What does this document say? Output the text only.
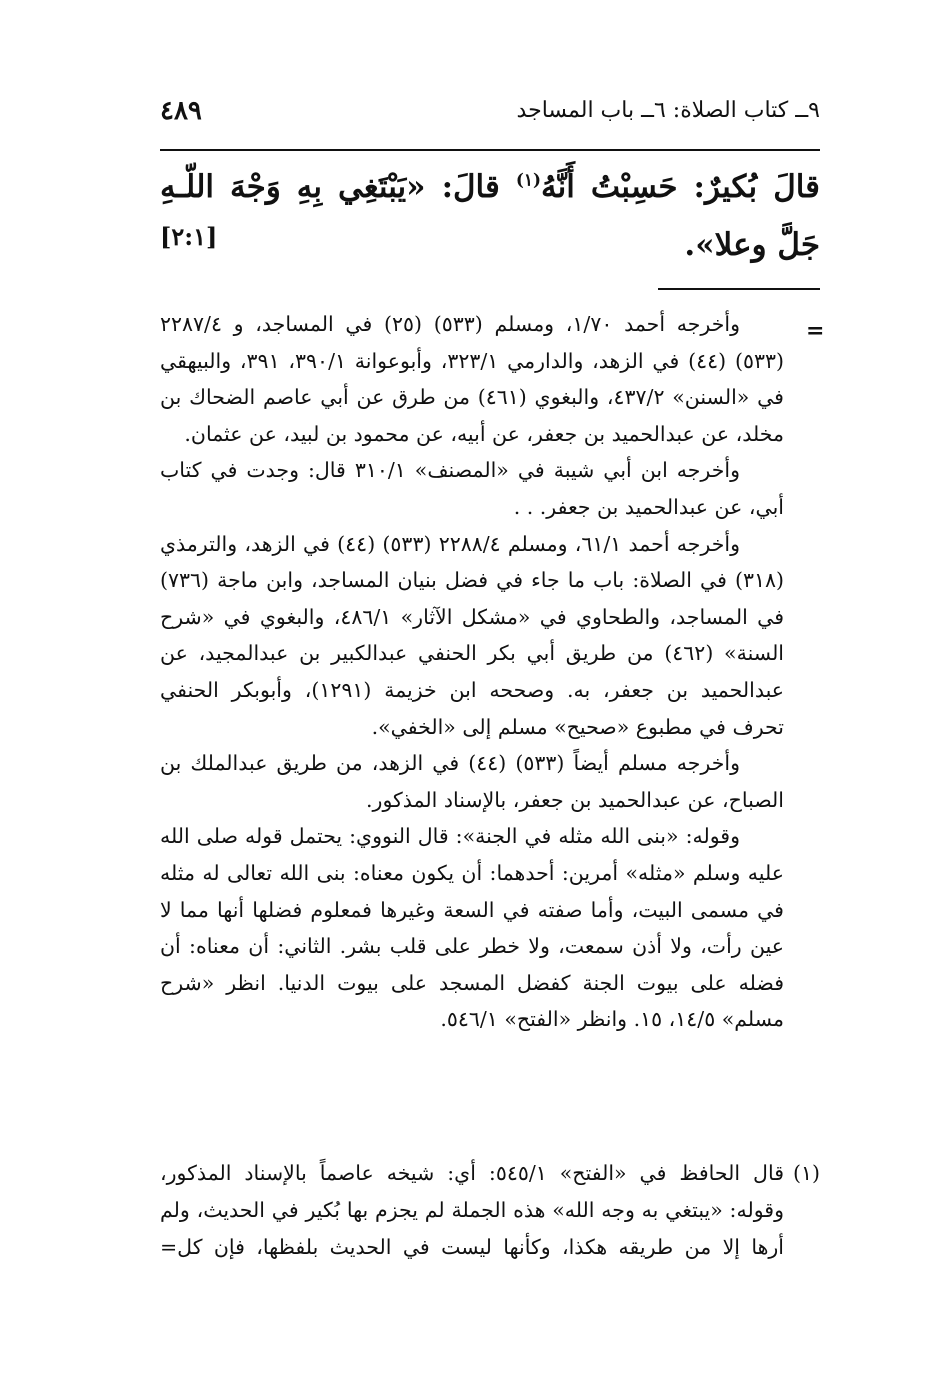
٩ــ كتاب الصلاة: ٦ــ باب المساجد
٤٨٩
قالَ بُكيرٌ: حَسِبْتُ أَنَّهُ$^{(١)}$ قالَ: «يَبْتَغِي بِهِ وَجْهَ اللّـهِ جَلَّ وعلا».
[٢:١]
=

وأخرجه أحمد ١/٧٠، ومسلم (٥٣٣) (٢٥) في المساجد، و ٢٢٨٧/٤ (٥٣٣) (٤٤) في الزهد، والدارمي ٣٢٣/١، وأبوعوانة ٣٩٠/١، ٣٩١، والبيهقي في «السنن» ٤٣٧/٢، والبغوي (٤٦١) من طرق عن أبي عاصم الضحاك بن مخلد، عن عبدالحميد بن جعفر، عن أبيه، عن محمود بن لبيد، عن عثمان.

وأخرجه ابن أبي شيبة في «المصنف» ٣١٠/١ قال: وجدت في كتاب أبي، عن عبدالحميد بن جعفر. . .

وأخرجه أحمد ٦١/١، ومسلم ٢٢٨٨/٤ (٥٣٣) (٤٤) في الزهد، والترمذي (٣١٨) في الصلاة: باب ما جاء في فضل بنيان المساجد، وابن ماجة (٧٣٦) في المساجد، والطحاوي في «مشكل الآثار» ٤٨٦/١، والبغوي في «شرح السنة» (٤٦٢) من طريق أبي بكر الحنفي عبدالكبير بن عبدالمجيد، عن عبدالحميد بن جعفر، به. وصححه ابن خزيمة (١٢٩١)، وأبوبكر الحنفي تحرف في مطبوع «صحيح» مسلم إلى «الخفي».

وأخرجه مسلم أيضاً (٥٣٣) (٤٤) في الزهد، من طريق عبدالملك بن الصباح، عن عبدالحميد بن جعفر، بالإسناد المذكور.

وقوله: «بنى الله مثله في الجنة»: قال النووي: يحتمل قوله صلى الله عليه وسلم «مثله» أمرين: أحدهما: أن يكون معناه: بنى الله تعالى له مثله في مسمى البيت، وأما صفته في السعة وغيرها فمعلوم فضلها أنها مما لا عين رأت، ولا أذن سمعت، ولا خطر على قلب بشر. الثاني: أن معناه: أن فضله على بيوت الجنة كفضل المسجد على بيوت الدنيا. انظر «شرح مسلم» ١٤/٥، ١٥. وانظر «الفتح» ٥٤٦/١.

(١)

قال الحافظ في «الفتح» ٥٤٥/١: أي: شيخه عاصماً بالإسناد المذكور، وقوله: «يبتغي به وجه الله» هذه الجملة لم يجزم بها بُكير في الحديث، ولم أرها إلا من طريقه هكذا، وكأنها ليست في الحديث بلفظها، فإن كل=
